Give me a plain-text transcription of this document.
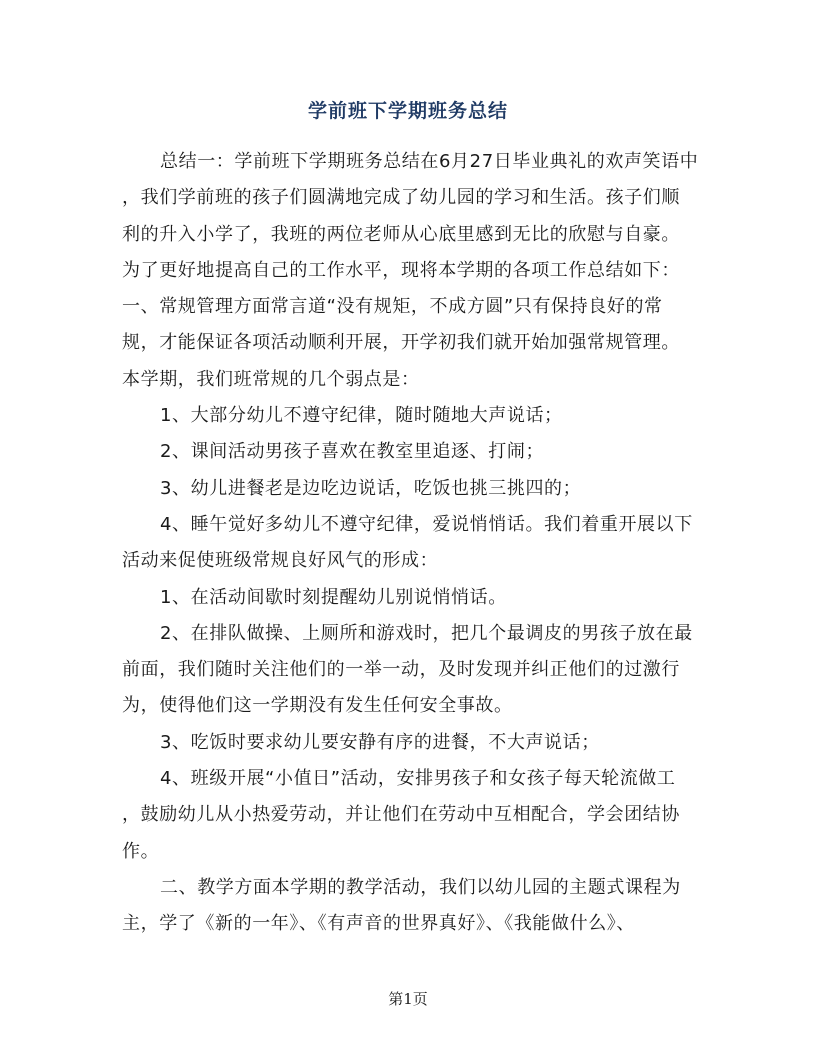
学前班下学期班务总结
总结一：学前班下学期班务总结在6月27日毕业典礼的欢声笑语中
，我们学前班的孩子们圆满地完成了幼儿园的学习和生活。孩子们顺
利的升入小学了，我班的两位老师从心底里感到无比的欣慰与自豪。
为了更好地提高自己的工作水平，现将本学期的各项工作总结如下：
一、常规管理方面常言道“没有规矩，不成方圆”只有保持良好的常
规，才能保证各项活动顺利开展，开学初我们就开始加强常规管理。
本学期，我们班常规的几个弱点是：
1、大部分幼儿不遵守纪律，随时随地大声说话；
2、课间活动男孩子喜欢在教室里追逐、打闹；
3、幼儿进餐老是边吃边说话，吃饭也挑三挑四的；
4、睡午觉好多幼儿不遵守纪律，爱说悄悄话。我们着重开展以下
活动来促使班级常规良好风气的形成：
1、在活动间歇时刻提醒幼儿别说悄悄话。
2、在排队做操、上厕所和游戏时，把几个最调皮的男孩子放在最
前面，我们随时关注他们的一举一动，及时发现并纠正他们的过激行
为，使得他们这一学期没有发生任何安全事故。
3、吃饭时要求幼儿要安静有序的进餐，不大声说话；
4、班级开展“小值日”活动，安排男孩子和女孩子每天轮流做工
，鼓励幼儿从小热爱劳动，并让他们在劳动中互相配合，学会团结协
作。
二、教学方面本学期的教学活动，我们以幼儿园的主题式课程为
主，学了《新的一年》、《有声音的世界真好》、《我能做什么》、
第1页
